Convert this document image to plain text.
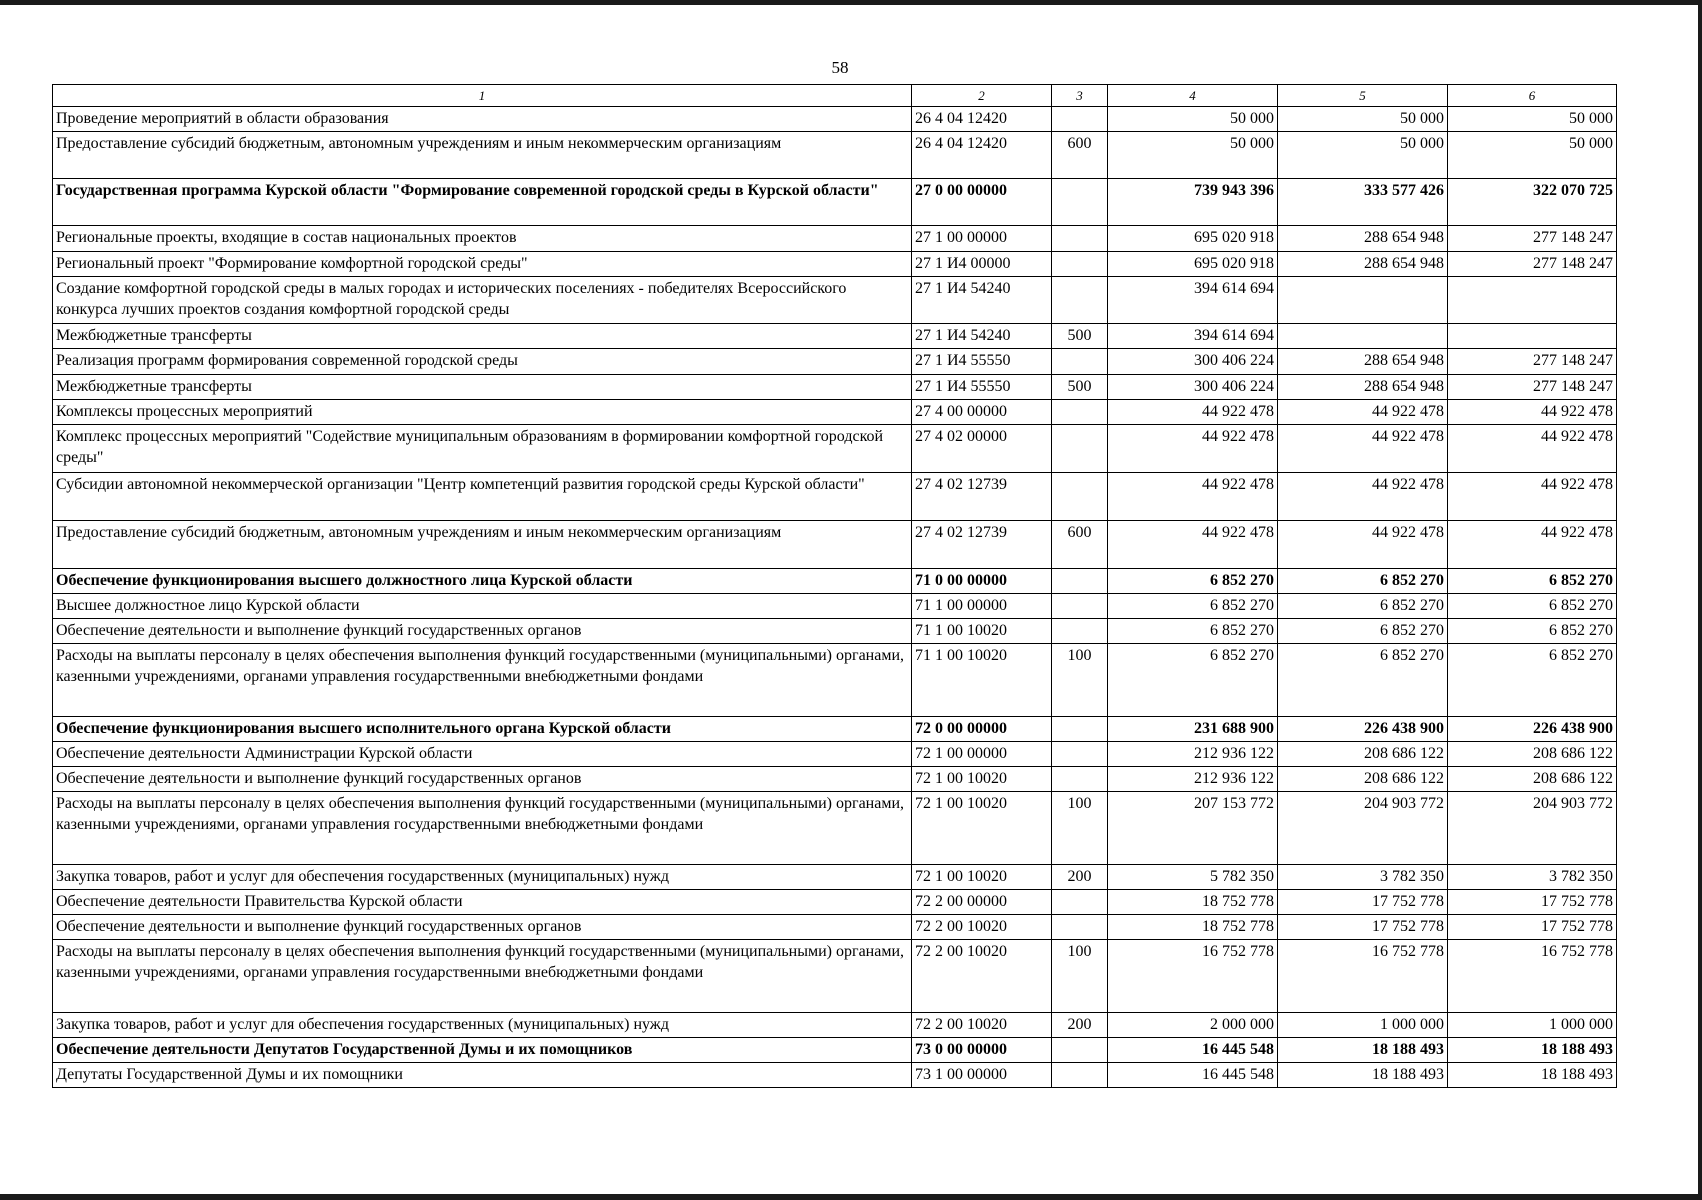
58
1	2	3	4	5	6
Проведение мероприятий в области образования	26 4 04 12420		50 000	50 000	50 000
Предоставление субсидий бюджетным, автономным учреждениям и иным некоммерческим организациям	26 4 04 12420	600	50 000	50 000	50 000
Государственная программа Курской области "Формирование современной городской среды в Курской области"	27 0 00 00000		739 943 396	333 577 426	322 070 725
Региональные проекты, входящие в состав национальных проектов	27 1 00 00000		695 020 918	288 654 948	277 148 247
Региональный проект "Формирование комфортной городской среды"	27 1 И4 00000		695 020 918	288 654 948	277 148 247
Создание комфортной городской среды в малых городах и исторических поселениях - победителях Всероссийского конкурса лучших проектов создания комфортной городской среды	27 1 И4 54240		394 614 694		
Межбюджетные трансферты	27 1 И4 54240	500	394 614 694		
Реализация программ формирования современной городской среды	27 1 И4 55550		300 406 224	288 654 948	277 148 247
Межбюджетные трансферты	27 1 И4 55550	500	300 406 224	288 654 948	277 148 247
Комплексы процессных мероприятий	27 4 00 00000		44 922 478	44 922 478	44 922 478
Комплекс процессных мероприятий "Содействие муниципальным образованиям в формировании комфортной городской среды"	27 4 02 00000		44 922 478	44 922 478	44 922 478
Субсидии автономной некоммерческой организации "Центр компетенций развития городской среды Курской области"	27 4 02 12739		44 922 478	44 922 478	44 922 478
Предоставление субсидий бюджетным, автономным учреждениям и иным некоммерческим организациям	27 4 02 12739	600	44 922 478	44 922 478	44 922 478
Обеспечение функционирования высшего должностного лица Курской области	71 0 00 00000		6 852 270	6 852 270	6 852 270
Высшее должностное лицо Курской области	71 1 00 00000		6 852 270	6 852 270	6 852 270
Обеспечение деятельности и выполнение функций государственных органов	71 1 00 10020		6 852 270	6 852 270	6 852 270
Расходы на выплаты персоналу в целях обеспечения выполнения функций государственными (муниципальными) органами, казенными учреждениями, органами управления государственными внебюджетными фондами	71 1 00 10020	100	6 852 270	6 852 270	6 852 270
Обеспечение функционирования высшего исполнительного органа Курской области	72 0 00 00000		231 688 900	226 438 900	226 438 900
Обеспечение деятельности Администрации Курской области	72 1 00 00000		212 936 122	208 686 122	208 686 122
Обеспечение деятельности и выполнение функций государственных органов	72 1 00 10020		212 936 122	208 686 122	208 686 122
Расходы на выплаты персоналу в целях обеспечения выполнения функций государственными (муниципальными) органами, казенными учреждениями, органами управления государственными внебюджетными фондами	72 1 00 10020	100	207 153 772	204 903 772	204 903 772
Закупка товаров, работ и услуг для обеспечения государственных (муниципальных) нужд	72 1 00 10020	200	5 782 350	3 782 350	3 782 350
Обеспечение деятельности Правительства Курской области	72 2 00 00000		18 752 778	17 752 778	17 752 778
Обеспечение деятельности и выполнение функций государственных органов	72 2 00 10020		18 752 778	17 752 778	17 752 778
Расходы на выплаты персоналу в целях обеспечения выполнения функций государственными (муниципальными) органами, казенными учреждениями, органами управления государственными внебюджетными фондами	72 2 00 10020	100	16 752 778	16 752 778	16 752 778
Закупка товаров, работ и услуг для обеспечения государственных (муниципальных) нужд	72 2 00 10020	200	2 000 000	1 000 000	1 000 000
Обеспечение деятельности Депутатов Государственной Думы и их помощников	73 0 00 00000		16 445 548	18 188 493	18 188 493
Депутаты Государственной Думы и их помощники	73 1 00 00000		16 445 548	18 188 493	18 188 493
